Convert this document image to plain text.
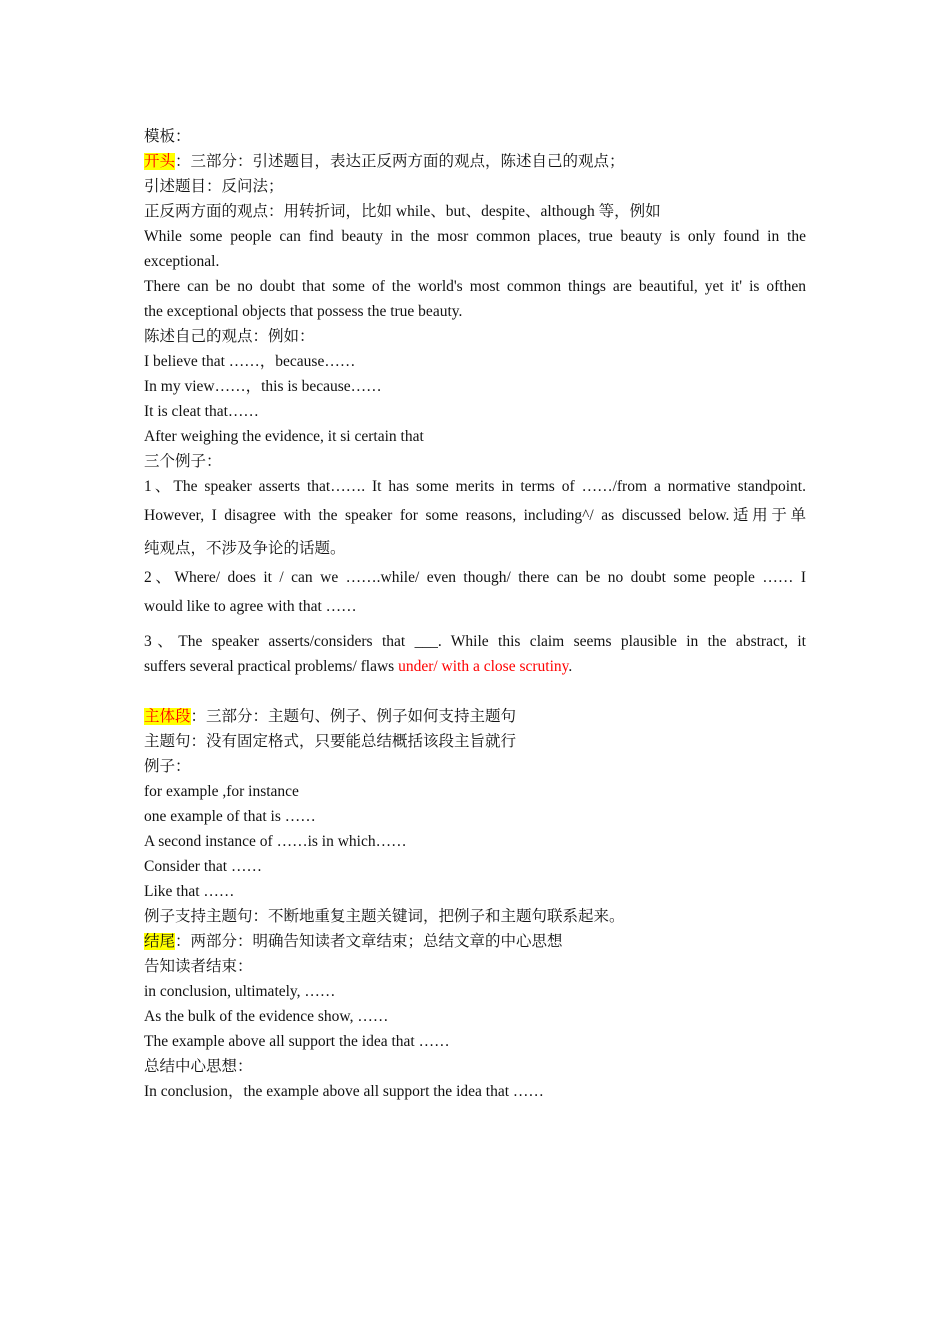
模板：
开头：三部分：引述题目，表达正反两方面的观点，陈述自己的观点；
引述题目：反问法；
正反两方面的观点：用转折词，比如 while、but、despite、although 等，例如
While some people can find beauty in the mosr common places, true beauty is only found in the
exceptional.
There can be no doubt that some of the world's most common things are beautiful, yet it' is ofthen
the exceptional objects that possess the true beauty.
陈述自己的观点：例如：
I believe that ……，because……
In my view……，this is because……
It is cleat that……
After weighing the evidence, it si certain that
三个例子：
1、The speaker asserts that……. It has some merits in terms of ……/from a normative standpoint.
However, I disagree with the speaker for some reasons, including^/ as discussed below.适用于单
纯观点，不涉及争论的话题。
2、Where/ does it / can we …….while/ even though/ there can be no doubt some people …… I
would like to agree with that ……
3、The speaker asserts/considers that ___. While this claim seems plausible in the abstract, it
suffers several practical problems/ flaws under/ with a close scrutiny.
主体段：三部分：主题句、例子、例子如何支持主题句
主题句：没有固定格式，只要能总结概括该段主旨就行
例子：
for example ,for instance
one example of that is ……
A second instance of ……is in which……
Consider that ……
Like that ……
例子支持主题句：不断地重复主题关键词，把例子和主题句联系起来。
结尾：两部分：明确告知读者文章结束；总结文章的中心思想
告知读者结束：
in conclusion, ultimately, ……
As the bulk of the evidence show, ……
The example above all support the idea that ……
总结中心思想：
In conclusion，the example above all support the idea that ……
